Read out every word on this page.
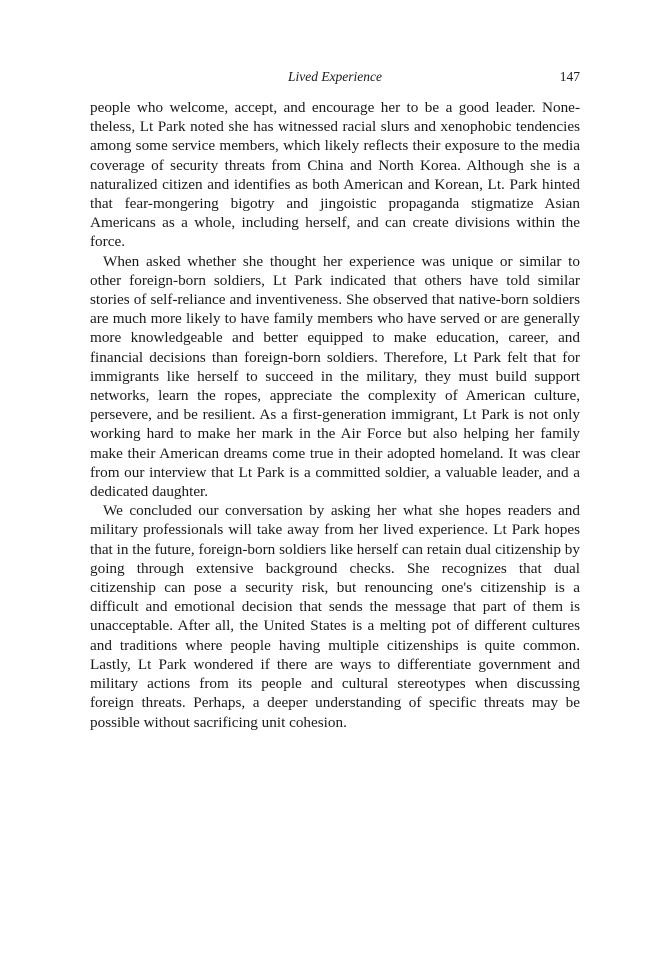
Lived Experience	147

people who welcome, accept, and encourage her to be a good leader. Nonetheless, Lt Park noted she has witnessed racial slurs and xenophobic tendencies among some service members, which likely reflects their exposure to the media coverage of security threats from China and North Korea. Although she is a naturalized citizen and identifies as both American and Korean, Lt. Park hinted that fear-mongering bigotry and jingoistic propaganda stigmatize Asian Americans as a whole, including herself, and can create divisions within the force.

When asked whether she thought her experience was unique or similar to other foreign-born soldiers, Lt Park indicated that others have told similar stories of self-reliance and inventiveness. She observed that native-born soldiers are much more likely to have family members who have served or are generally more knowledgeable and better equipped to make education, career, and financial decisions than foreign-born soldiers. Therefore, Lt Park felt that for immigrants like herself to succeed in the military, they must build support networks, learn the ropes, appreciate the complexity of American culture, persevere, and be resilient. As a first-generation immigrant, Lt Park is not only working hard to make her mark in the Air Force but also helping her family make their American dreams come true in their adopted homeland. It was clear from our interview that Lt Park is a committed soldier, a valuable leader, and a dedicated daughter.

We concluded our conversation by asking her what she hopes readers and military professionals will take away from her lived experience. Lt Park hopes that in the future, foreign-born soldiers like herself can retain dual citizenship by going through extensive background checks. She recognizes that dual citizenship can pose a security risk, but renouncing one's citizenship is a difficult and emotional decision that sends the message that part of them is unacceptable. After all, the United States is a melting pot of different cultures and traditions where people having multiple citizenships is quite common. Lastly, Lt Park wondered if there are ways to differentiate government and military actions from its people and cultural stereotypes when discussing foreign threats. Perhaps, a deeper understanding of specific threats may be possible without sacrificing unit cohesion.
